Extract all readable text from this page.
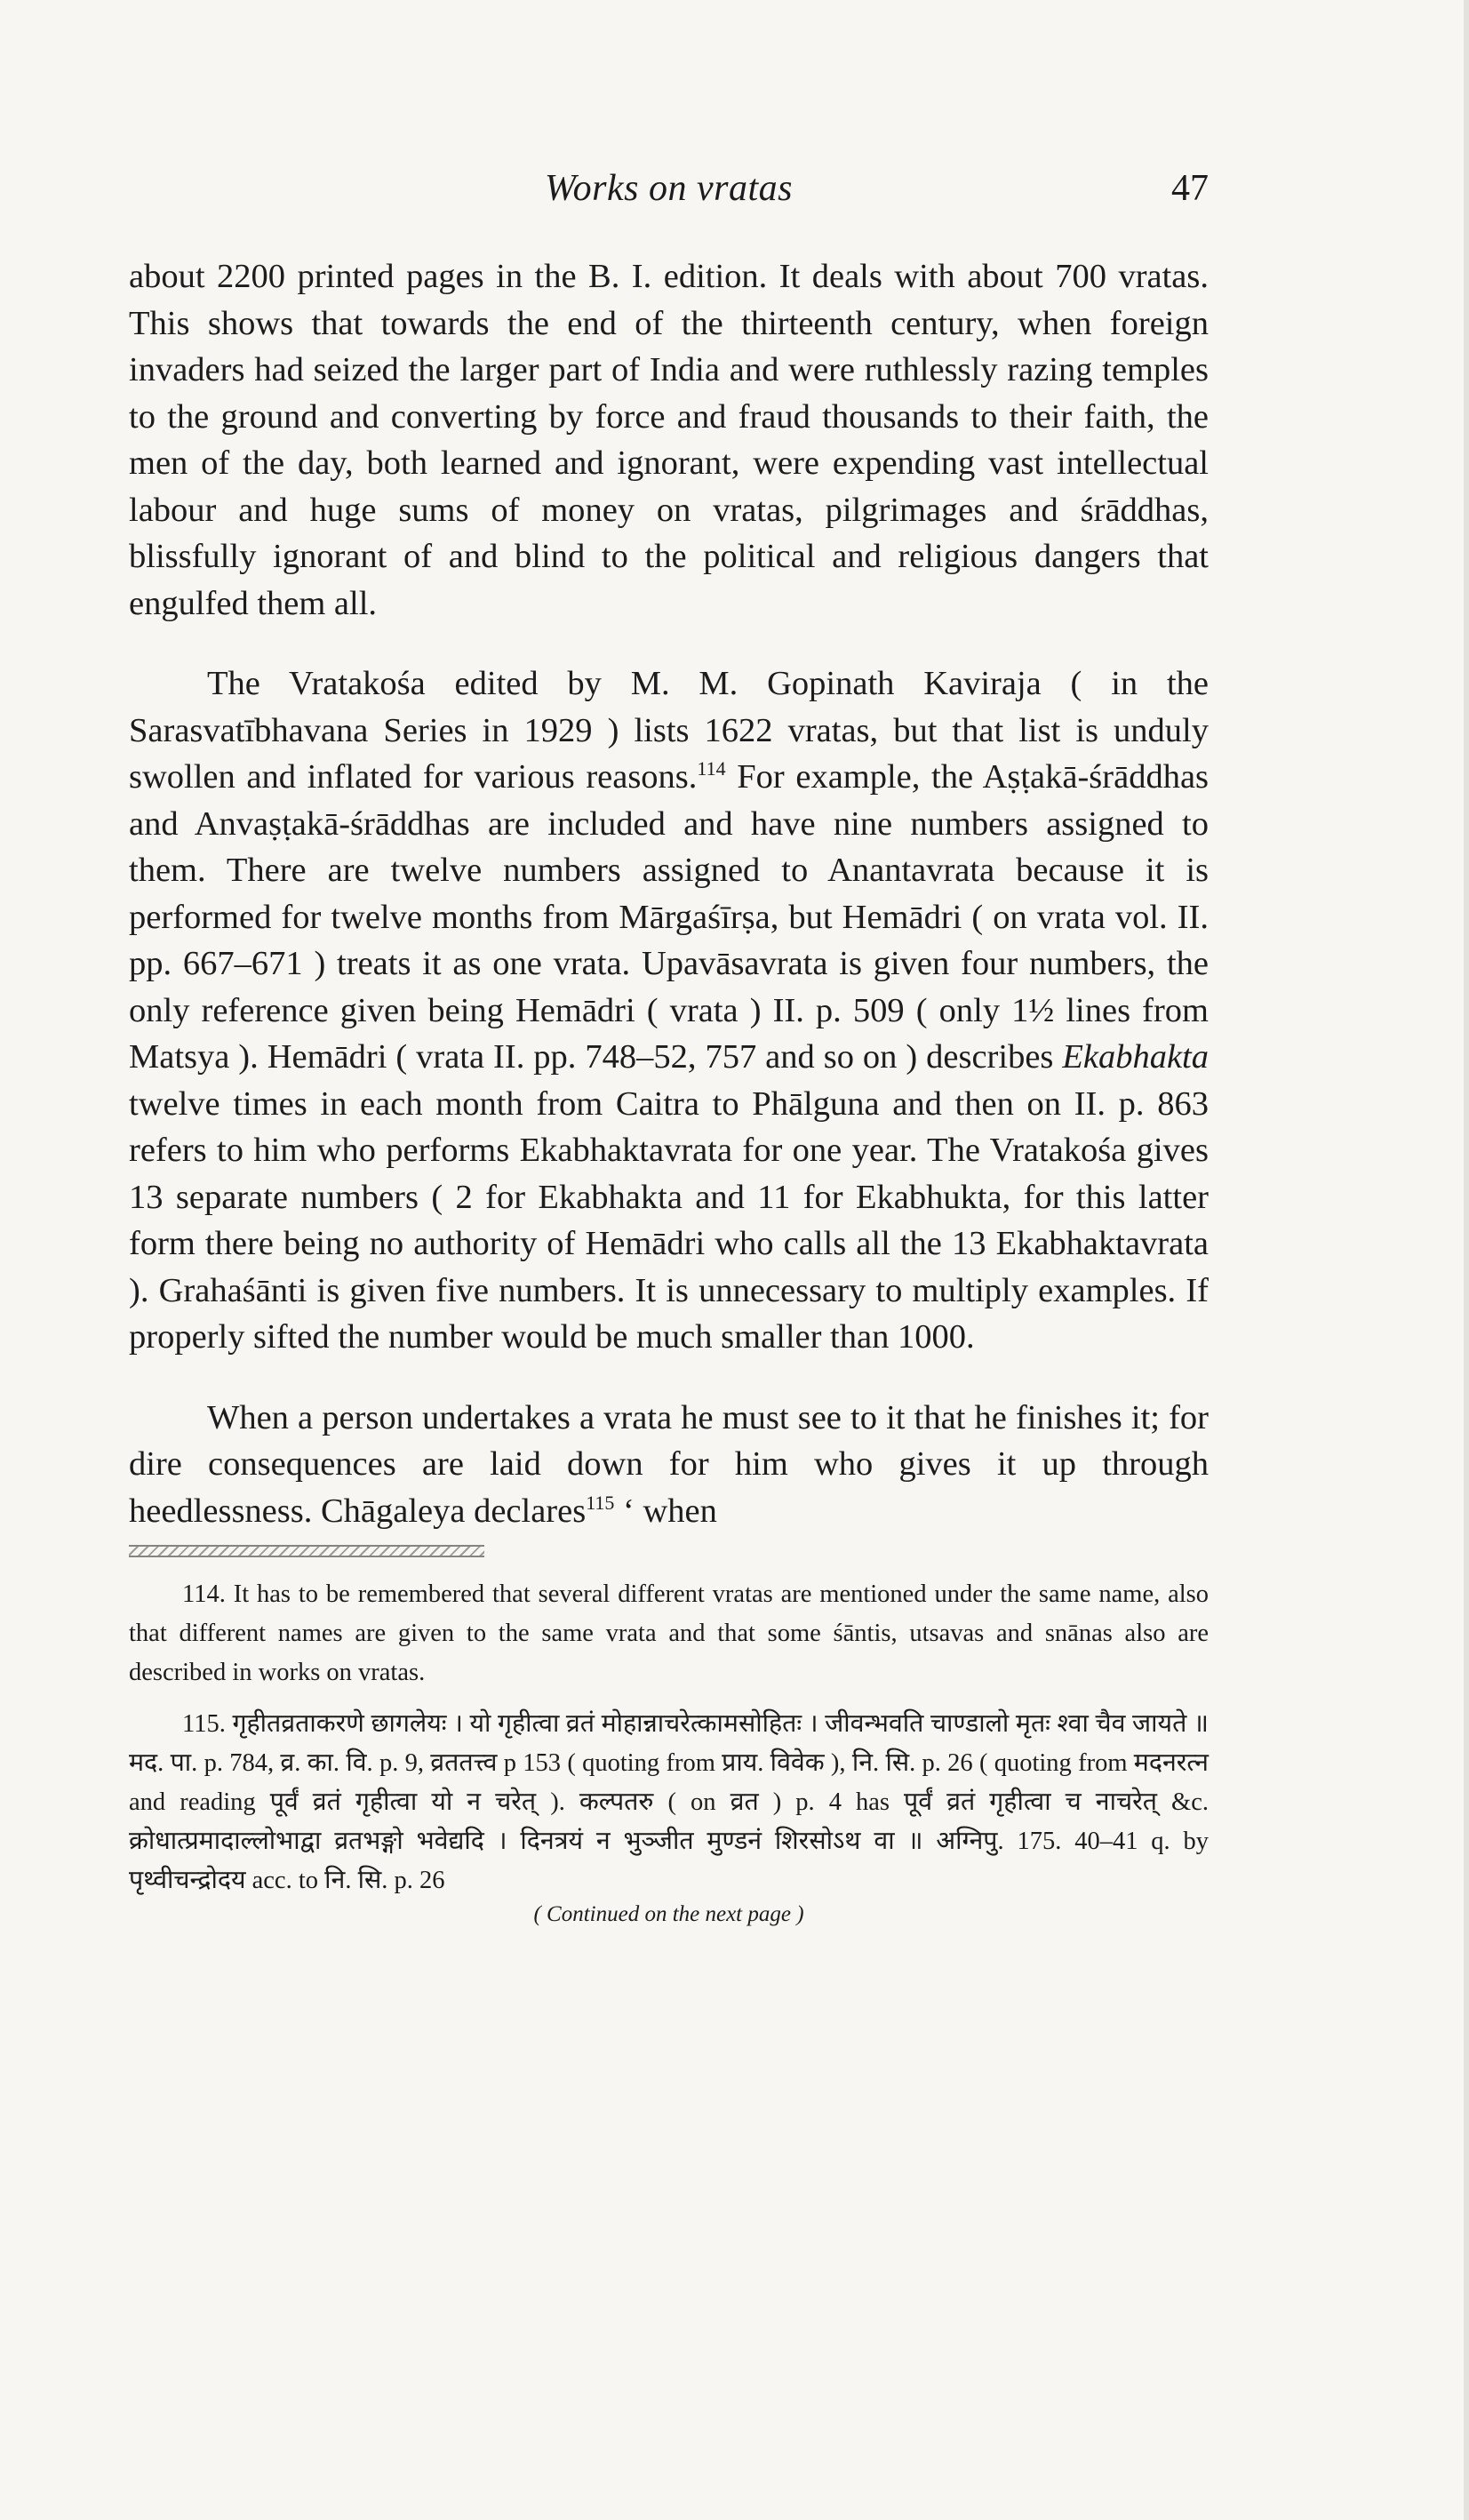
Works on vratas	47

about 2200 printed pages in the B. I. edition. It deals with about 700 vratas. This shows that towards the end of the thirteenth century, when foreign invaders had seized the larger part of India and were ruthlessly razing temples to the ground and converting by force and fraud thousands to their faith, the men of the day, both learned and ignorant, were expending vast intellectual labour and huge sums of money on vratas, pilgrimages and śrāddhas, blissfully ignorant of and blind to the political and religious dangers that engulfed them all.

The Vratakośa edited by M. M. Gopinath Kaviraja ( in the Sarasvatībhavana Series in 1929 ) lists 1622 vratas, but that list is unduly swollen and inflated for various reasons.$^{114}$ For example, the Aṣṭakā-śrāddhas and Anvaṣṭakā-śrāddhas are included and have nine numbers assigned to them. There are twelve numbers assigned to Anantavrata because it is performed for twelve months from Mārgaśīrṣa, but Hemādri ( on vrata vol. II. pp. 667–671 ) treats it as one vrata. Upavāsavrata is given four numbers, the only reference given being Hemādri ( vrata ) II. p. 509 ( only 1½ lines from Matsya ). Hemādri ( vrata II. pp. 748–52, 757 and so on ) describes Ekabhakta twelve times in each month from Caitra to Phālguna and then on II. p. 863 refers to him who performs Ekabhaktavrata for one year. The Vratakośa gives 13 separate numbers ( 2 for Ekabhakta and 11 for Ekabhukta, for this latter form there being no authority of Hemādri who calls all the 13 Ekabhaktavrata ). Grahaśānti is given five numbers. It is unnecessary to multiply examples. If properly sifted the number would be much smaller than 1000.

When a person undertakes a vrata he must see to it that he finishes it; for dire consequences are laid down for him who gives it up through heedlessness. Chāgaleya declares$^{115}$ ‘ when

114. It has to be remembered that several different vratas are mentioned under the same name, also that different names are given to the same vrata and that some śāntis, utsavas and snānas also are described in works on vratas.

115. गृहीतव्रताकरणे छागलेयः । यो गृहीत्वा व्रतं मोहान्नाचरेत्कामसोहितः । जीवन्भवति चाण्डालो मृतः श्वा चैव जायते ॥ मद. पा. p. 784, व्र. का. वि. p. 9, व्रततत्त्व p 153 ( quoting from प्राय. विवेक ), नि. सि. p. 26 ( quoting from मदनरत्न and reading पूर्वं व्रतं गृहीत्वा यो न चरेत् ). कल्पतरु ( on व्रत ) p. 4 has पूर्वं व्रतं गृहीत्वा च नाचरेत् &c. क्रोधात्प्रमादाल्लोभाद्वा व्रतभङ्गो भवेद्यदि । दिनत्रयं न भुञ्जीत मुण्डनं शिरसोऽथ वा ॥ अग्निपु. 175. 40–41 q. by पृथ्वीचन्द्रोदय acc. to नि. सि. p. 26

( Continued on the next page )
